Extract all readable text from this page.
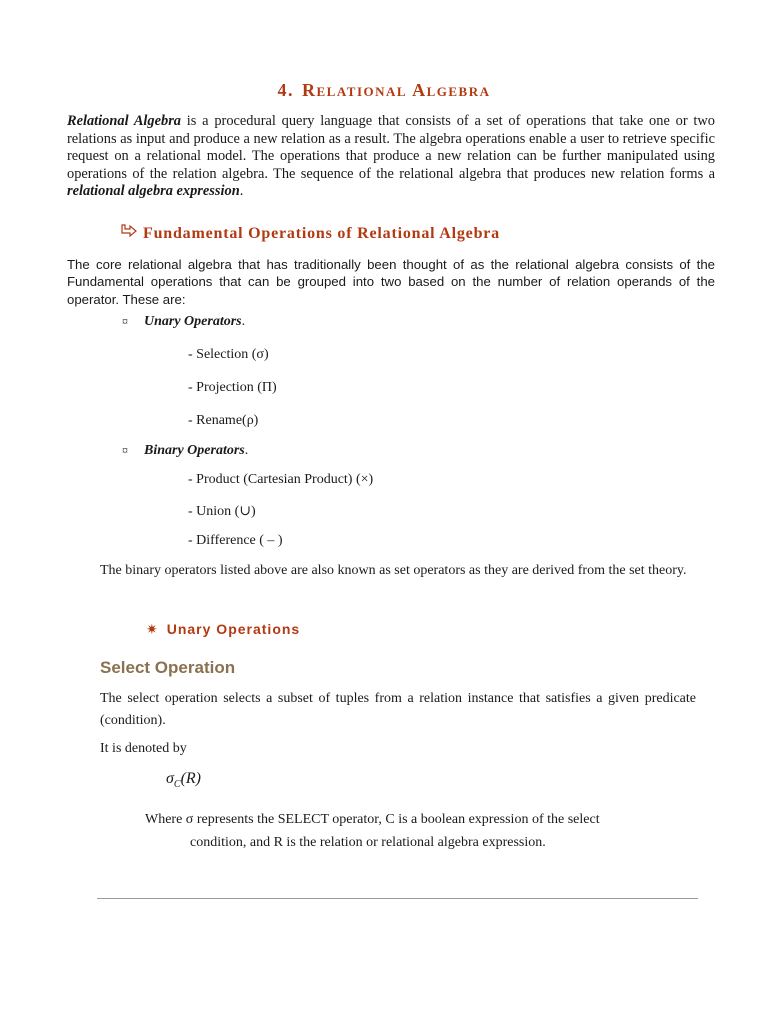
4. Relational Algebra
Relational Algebra is a procedural query language that consists of a set of operations that take one or two relations as input and produce a new relation as a result. The algebra operations enable a user to retrieve specific request on a relational model. The operations that produce a new relation can be further manipulated using operations of the relation algebra. The sequence of the relational algebra that produces new relation forms a relational algebra expression.
Fundamental Operations of Relational Algebra
The core relational algebra that has traditionally been thought of as the relational algebra consists of the Fundamental operations that can be grouped into two based on the number of relation operands of the operator. These are:
¤ Unary Operators.
- Selection (σ)
- Projection (Π)
- Rename(ρ)
¤ Binary Operators.
- Product (Cartesian Product) (×)
- Union (∪)
- Difference ( – )
The binary operators listed above are also known as set operators as they are derived from the set theory.
✷ Unary Operations
Select Operation
The select operation selects a subset of tuples from a relation instance that satisfies a given predicate (condition).
It is denoted by
$\sigma_C(R)$
Where σ represents the SELECT operator, C is a boolean expression of the select
condition, and R is the relation or relational algebra expression.
